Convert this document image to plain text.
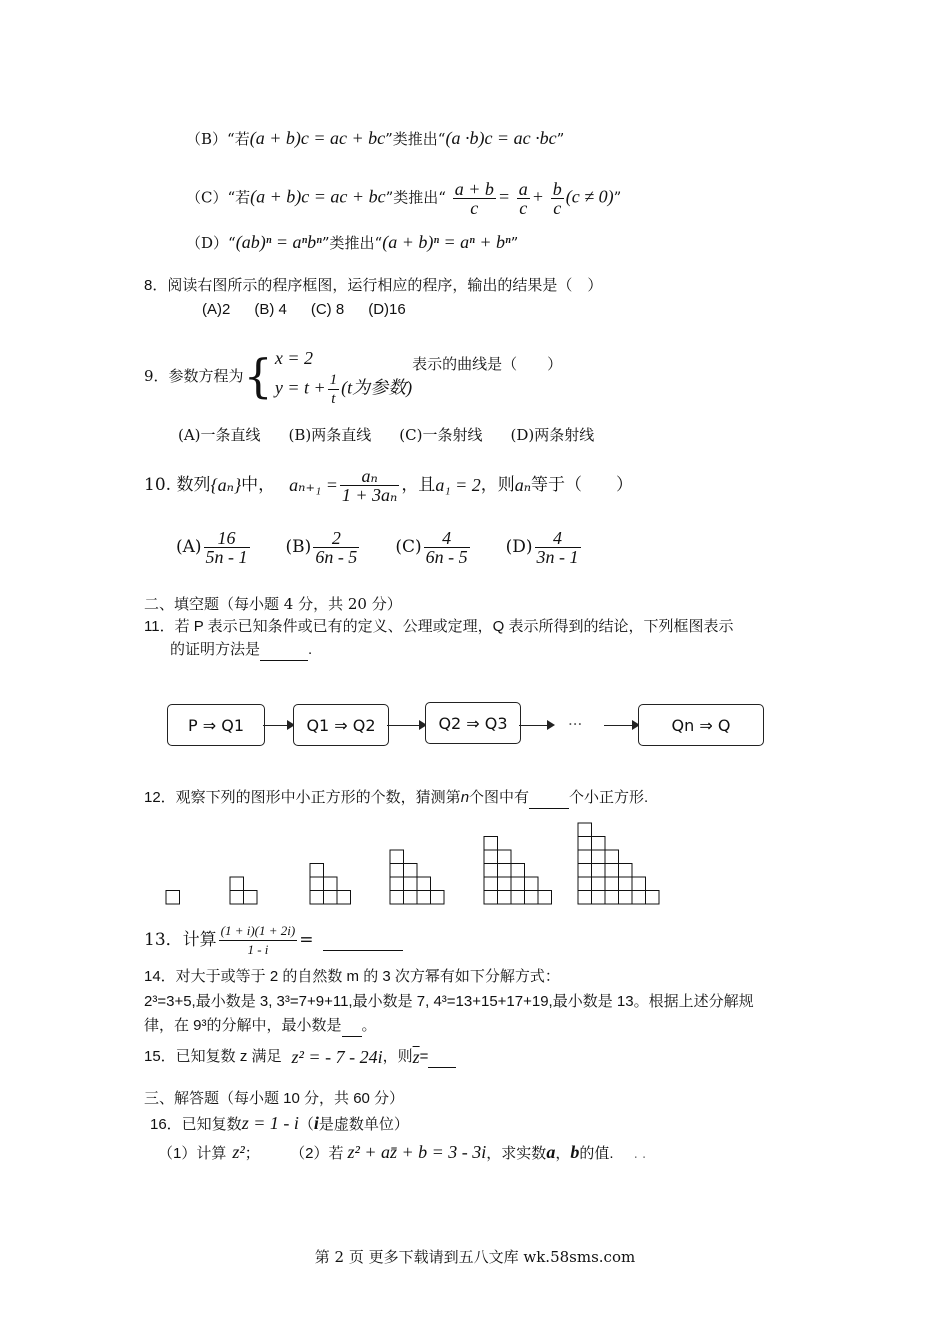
（B）“若(a + b)c = ac + bc”类推出“(a ·b)c = ac ·bc”
（C）“若(a + b)c = ac + bc”类推出“ $\frac{a + b}{c} = \frac{a}{c} + \frac{b}{c} (c \ne 0)$”
（D）“(ab)ⁿ = aⁿbⁿ”类推出“(a + b)ⁿ = aⁿ + bⁿ”
8．阅读右图所示的程序框图，运行相应的程序，输出的结果是（　）
(A)2 (B) 4 (C) 8 (D)16
9．参数方程为 { x = 2
$y = t + \frac{1}{t} (t$为参数)
表示的曲线是（　　）
(A)一条直线 (B)两条直线 (C)一条射线 (D)两条射线
10. 数列 {aₙ} 中， $a_{n+1} = \frac{\text{aₙ}}{\text{1 + 3aₙ}}$ ，且 a₁ = 2 ，则 aₙ 等于（　　）
$(A) \frac{16}{5n - 1} (B) \frac{2}{6n - 5} (C) \frac{4}{6n - 5} (D) \frac{4}{3n - 1}$
二、填空题（每小题 4 分，共 20 分）
11．若 P 表示已知条件或已有的定义、公理或定理，Q 表示所得到的结论，下列框图表示
的证明方法是	.
P ⇒ Q1	Q1 ⇒ Q2	Q2 ⇒ Q3	···	Qn ⇒ Q
12．观察下列的图形中小正方形的个数，猜测第n个图中有	个小正方形.
13．计算 $\frac{(1 + i)(1 + 2i)}{1 - i}$ =

14．对大于或等于 2 的自然数 m 的 3 次方幂有如下分解方式：
2³=3+5,最小数是 3, 3³=7+9+11,最小数是 7, 4³=13+15+17+19,最小数是 13。根据上述分解规
律，在 9³的分解中，最小数是 。
15．已知复数 z 满足 z² = - 7 - 24i ，则 $\overline{z}$ =

三、解答题（每小题 10 分，共 60 分）
16．已知复数z = 1 - i（i是虚数单位）
（1）计算 z²； （2）若 z² + az̄ + b = 3 - 3i，求实数a，b的值. . .
第 2 页 更多下载请到五八文库 wk.58sms.com
